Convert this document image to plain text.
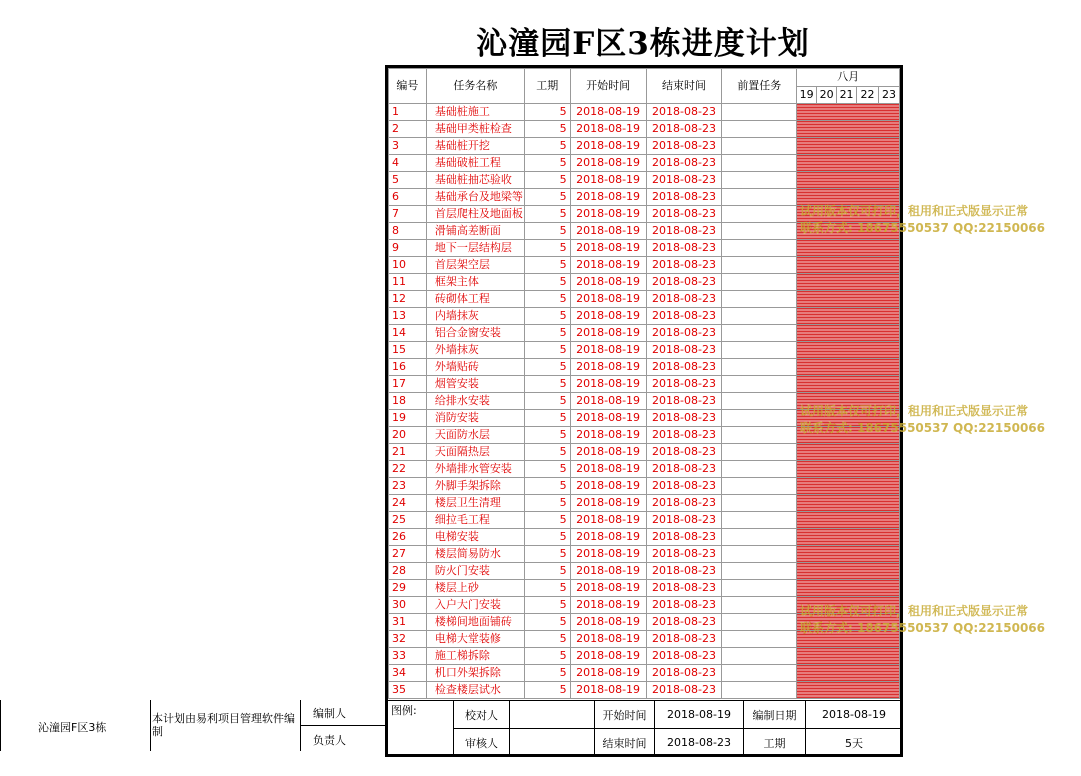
沁潼园F区3栋进度计划
编号	任务名称	工期	开始时间	结束时间	前置任务	八月				
						19	20	21	22	23
1	基础桩施工	5	2018-08-19	2018-08-23						
2	基础甲类桩检查	5	2018-08-19	2018-08-23						
3	基础桩开挖	5	2018-08-19	2018-08-23						
4	基础破桩工程	5	2018-08-19	2018-08-23						
5	基础桩抽芯验收	5	2018-08-19	2018-08-23						
6	基础承台及地梁等	5	2018-08-19	2018-08-23						
7	首层爬柱及地面板	5	2018-08-19	2018-08-23						
8	滑铺高差断面	5	2018-08-19	2018-08-23						
9	地下一层结构层	5	2018-08-19	2018-08-23						
10	首层架空层	5	2018-08-19	2018-08-23						
11	框架主体	5	2018-08-19	2018-08-23						
12	砖砌体工程	5	2018-08-19	2018-08-23						
13	内墙抹灰	5	2018-08-19	2018-08-23						
14	铝合金窗安装	5	2018-08-19	2018-08-23						
15	外墙抹灰	5	2018-08-19	2018-08-23						
16	外墙贴砖	5	2018-08-19	2018-08-23						
17	烟管安装	5	2018-08-19	2018-08-23						
18	给排水安装	5	2018-08-19	2018-08-23						
19	消防安装	5	2018-08-19	2018-08-23						
20	天面防水层	5	2018-08-19	2018-08-23						
21	天面隔热层	5	2018-08-19	2018-08-23						
22	外墙排水管安装	5	2018-08-19	2018-08-23						
23	外脚手架拆除	5	2018-08-19	2018-08-23						
24	楼层卫生清理	5	2018-08-19	2018-08-23						
25	细拉毛工程	5	2018-08-19	2018-08-23						
26	电梯安装	5	2018-08-19	2018-08-23						
27	楼层简易防水	5	2018-08-19	2018-08-23						
28	防火门安装	5	2018-08-19	2018-08-23						
29	楼层上砂	5	2018-08-19	2018-08-23						
30	入户大门安装	5	2018-08-19	2018-08-23						
31	楼梯间地面铺砖	5	2018-08-19	2018-08-23						
32	电梯大堂装修	5	2018-08-19	2018-08-23						
33	施工梯拆除	5	2018-08-19	2018-08-23						
34	机口外架拆除	5	2018-08-19	2018-08-23						
35	检查楼层试水	5	2018-08-19	2018-08-23						
沁潼园F区3栋
本计划由易利项目管理软件编制
编制人
负责人
图例:	校对人		开始时间	2018-08-19	编制日期	2018-08-19
	审核人		结束时间	2018-08-23	工期	5天
试用版本仅可打印，租用和正式版显示正常
联系方式: 18675550537 QQ:22150066
试用版本仅可打印，租用和正式版显示正常
联系方式: 18675550537 QQ:22150066
试用版本仅可打印，租用和正式版显示正常
联系方式: 18675550537 QQ:22150066
